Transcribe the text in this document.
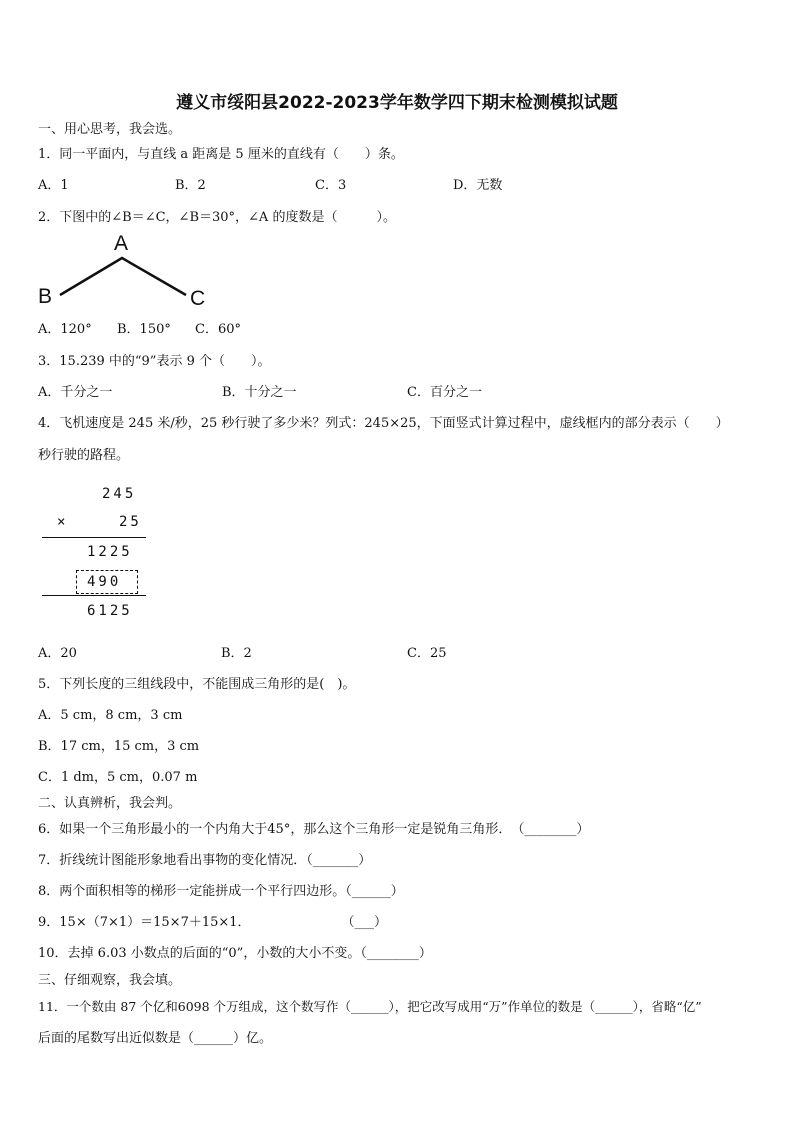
遵义市绥阳县2022-2023学年数学四下期末检测模拟试题
一、用心思考，我会选。
1．同一平面内，与直线 a 距离是 5 厘米的直线有（　　）条。
A．1	B．2	C．3	D．无数
2．下图中的∠B＝∠C，∠B＝30°，∠A 的度数是（　　　）。
A
B	C
A．120° B．150° C．60°
3．15.239 中的“9”表示 9 个（　　）。
A．千分之一	B．十分之一	C．百分之一
4．飞机速度是 245 米/秒，25 秒行驶了多少米？列式：245×25，下面竖式计算过程中，虚线框内的部分表示（　　）
秒行驶的路程。
245
×	25
1225
490
6125
A．20	B．2	C．25
5．下列长度的三组线段中，不能围成三角形的是(　)。
A．5 cm，8 cm，3 cm
B．17 cm，15 cm，3 cm
C．1 dm，5 cm，0.07 m
二、认真辨析，我会判。
6．如果一个三角形最小的一个内角大于45°，那么这个三角形一定是锐角三角形．　（________）
7．折线统计图能形象地看出事物的变化情况．（_______）
8．两个面积相等的梯形一定能拼成一个平行四边形。（______）
9．15×（7×1）＝15×7＋15×1．　　　　　　　　（___）
10．去掉 6.03 小数点的后面的“0”，小数的大小不变。（________）
三、仔细观察，我会填。
11．一个数由 87 个亿和6098 个万组成，这个数写作（______），把它改写成用“万”作单位的数是（______），省略“亿”
后面的尾数写出近似数是（______）亿。
